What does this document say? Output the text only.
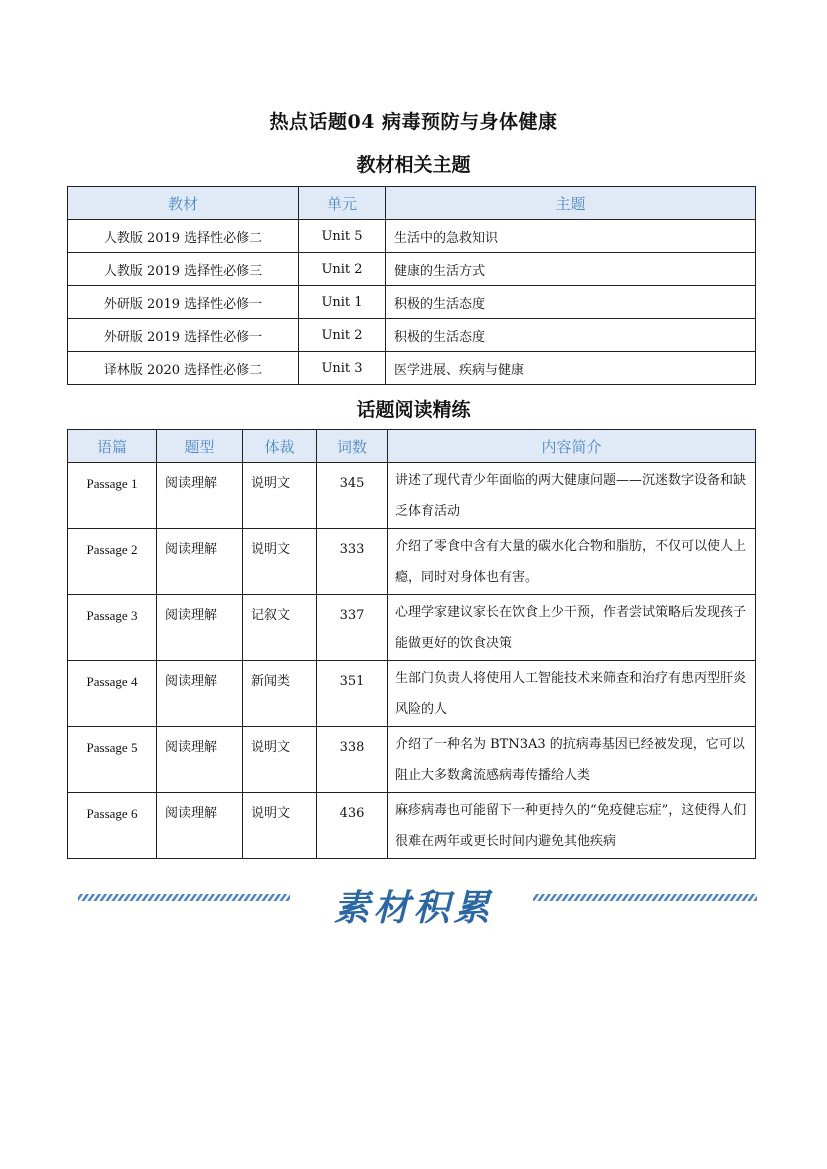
热点话题04 病毒预防与身体健康
教材相关主题
教材	单元	主题
人教版 2019 选择性必修二	Unit 5	生活中的急救知识
人教版 2019 选择性必修三	Unit 2	健康的生活方式
外研版 2019 选择性必修一	Unit 1	积极的生活态度
外研版 2019 选择性必修一	Unit 2	积极的生活态度
译林版 2020 选择性必修二	Unit 3	医学进展、疾病与健康
话题阅读精练
语篇	题型	体裁	词数	内容简介

Passage 1	阅读理解	说明文	345	讲述了现代青少年面临的两大健康问题——沉迷数字设备和缺乏体育活动

Passage 2	阅读理解	说明文	333	介绍了零食中含有大量的碳水化合物和脂肪，不仅可以使人上瘾，同时对身体也有害。

Passage 3	阅读理解	记叙文	337	心理学家建议家长在饮食上少干预，作者尝试策略后发现孩子能做更好的饮食决策

Passage 4	阅读理解	新闻类	351	生部门负责人将使用人工智能技术来筛查和治疗有患丙型肝炎风险的人

Passage 5	阅读理解	说明文	338	介绍了一种名为 BTN3A3 的抗病毒基因已经被发现，它可以阻止大多数禽流感病毒传播给人类

Passage 6	阅读理解	说明文	436	麻疹病毒也可能留下一种更持久的“免疫健忘症”，这使得人们很难在两年或更长时间内避免其他疾病
素材积累
